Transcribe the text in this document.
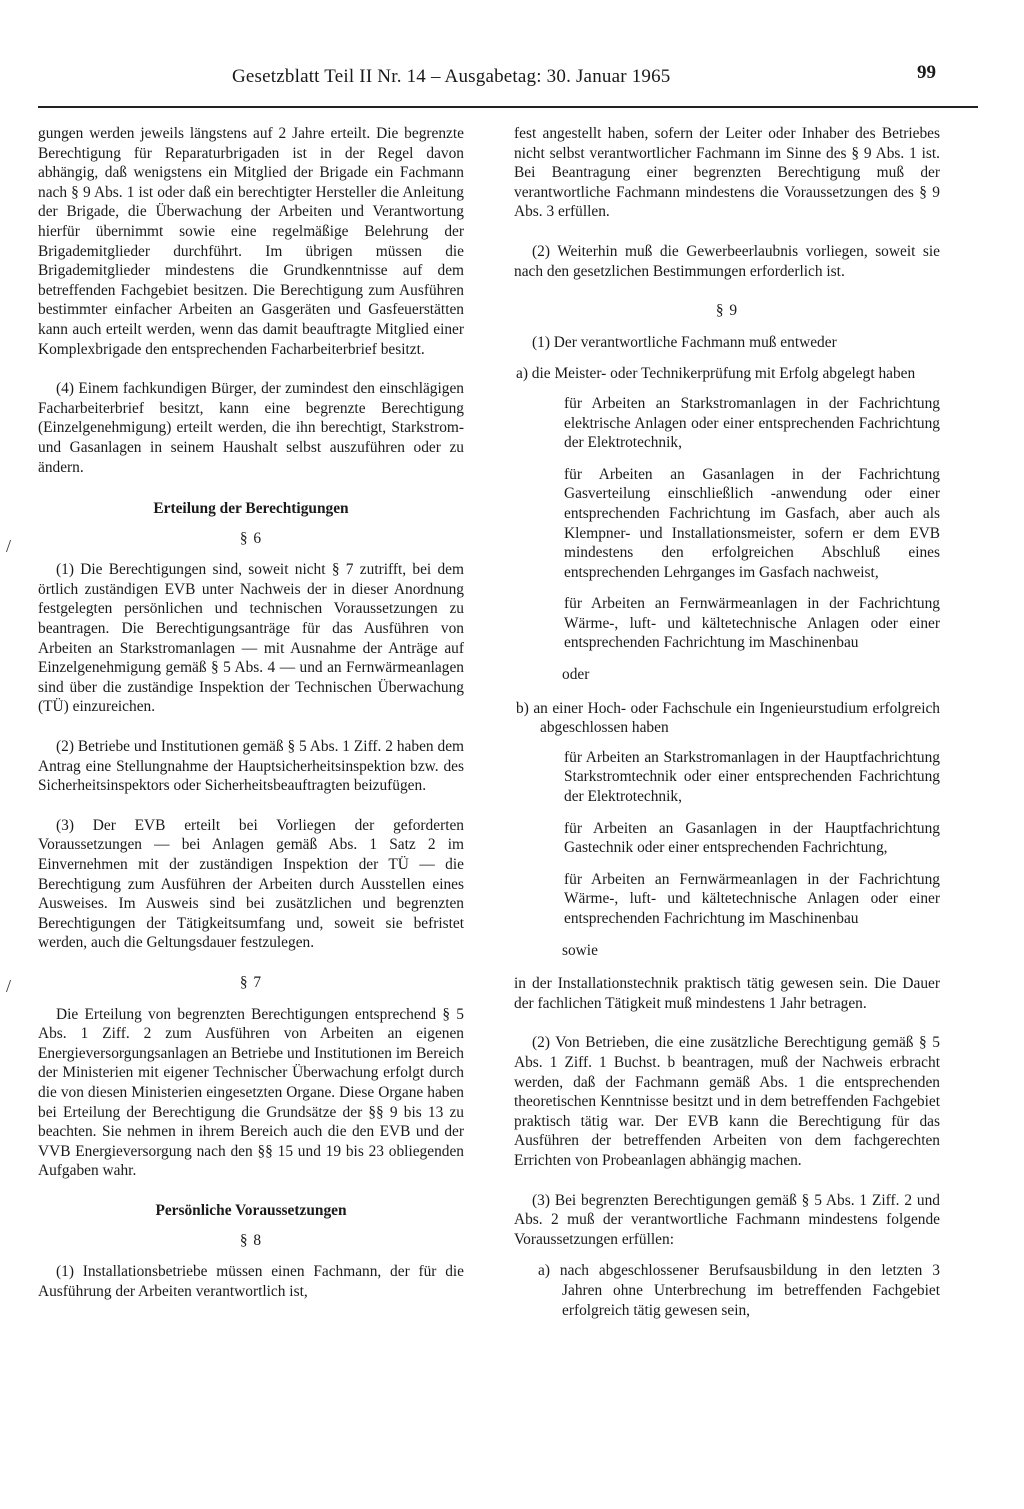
Gesetzblatt Teil II Nr. 14 – Ausgabetag: 30. Januar 1965	99
/
/

gungen werden jeweils längstens auf 2 Jahre erteilt. Die begrenzte Berechtigung für Reparaturbrigaden ist in der Regel davon abhängig, daß wenigstens ein Mitglied der Brigade ein Fachmann nach § 9 Abs. 1 ist oder daß ein berechtigter Hersteller die Anleitung der Brigade, die Überwachung der Arbeiten und Verantwortung hierfür übernimmt sowie eine regelmäßige Belehrung der Brigademitglieder durchführt. Im übrigen müssen die Brigademitglieder mindestens die Grundkenntnisse auf dem betreffenden Fachgebiet besitzen. Die Berechtigung zum Ausführen bestimmter einfacher Arbeiten an Gasgeräten und Gasfeuerstätten kann auch erteilt werden, wenn das damit beauftragte Mitglied einer Komplexbrigade den entsprechenden Facharbeiterbrief besitzt.

(4) Einem fachkundigen Bürger, der zumindest den einschlägigen Facharbeiterbrief besitzt, kann eine begrenzte Berechtigung (Einzelgenehmigung) erteilt werden, die ihn berechtigt, Starkstrom- und Gasanlagen in seinem Haushalt selbst auszuführen oder zu ändern.

Erteilung der Berechtigungen
§ 6

(1) Die Berechtigungen sind, soweit nicht § 7 zutrifft, bei dem örtlich zuständigen EVB unter Nachweis der in dieser Anordnung festgelegten persönlichen und technischen Voraussetzungen zu beantragen. Die Berechtigungsanträge für das Ausführen von Arbeiten an Starkstromanlagen — mit Ausnahme der Anträge auf Einzelgenehmigung gemäß § 5 Abs. 4 — und an Fernwärmeanlagen sind über die zuständige Inspektion der Technischen Überwachung (TÜ) einzureichen.

(2) Betriebe und Institutionen gemäß § 5 Abs. 1 Ziff. 2 haben dem Antrag eine Stellungnahme der Hauptsicherheitsinspektion bzw. des Sicherheitsinspektors oder Sicherheitsbeauftragten beizufügen.

(3) Der EVB erteilt bei Vorliegen der geforderten Voraussetzungen — bei Anlagen gemäß Abs. 1 Satz 2 im Einvernehmen mit der zuständigen Inspektion der TÜ — die Berechtigung zum Ausführen der Arbeiten durch Ausstellen eines Ausweises. Im Ausweis sind bei zusätzlichen und begrenzten Berechtigungen der Tätigkeitsumfang und, soweit sie befristet werden, auch die Geltungsdauer festzulegen.

§ 7

Die Erteilung von begrenzten Berechtigungen entsprechend § 5 Abs. 1 Ziff. 2 zum Ausführen von Arbeiten an eigenen Energieversorgungsanlagen an Betriebe und Institutionen im Bereich der Ministerien mit eigener Technischer Überwachung erfolgt durch die von diesen Ministerien eingesetzten Organe. Diese Organe haben bei Erteilung der Berechtigung die Grundsätze der §§ 9 bis 13 zu beachten. Sie nehmen in ihrem Bereich auch die den EVB und der VVB Energieversorgung nach den §§ 15 und 19 bis 23 obliegenden Aufgaben wahr.

Persönliche Voraussetzungen
§ 8

(1) Installationsbetriebe müssen einen Fachmann, der für die Ausführung der Arbeiten verantwortlich ist,

fest angestellt haben, sofern der Leiter oder Inhaber des Betriebes nicht selbst verantwortlicher Fachmann im Sinne des § 9 Abs. 1 ist. Bei Beantragung einer begrenzten Berechtigung muß der verantwortliche Fachmann mindestens die Voraussetzungen des § 9 Abs. 3 erfüllen.

(2) Weiterhin muß die Gewerbeerlaubnis vorliegen, soweit sie nach den gesetzlichen Bestimmungen erforderlich ist.

§ 9

(1) Der verantwortliche Fachmann muß entweder

a) die Meister- oder Technikerprüfung mit Erfolg abgelegt haben

für Arbeiten an Starkstromanlagen in der Fachrichtung elektrische Anlagen oder einer entsprechenden Fachrichtung der Elektrotechnik,

für Arbeiten an Gasanlagen in der Fachrichtung Gasverteilung einschließlich -anwendung oder einer entsprechenden Fachrichtung im Gasfach, aber auch als Klempner- und Installationsmeister, sofern er dem EVB mindestens den erfolgreichen Abschluß eines entsprechenden Lehrganges im Gasfach nachweist,

für Arbeiten an Fernwärmeanlagen in der Fachrichtung Wärme-, luft- und kältetechnische Anlagen oder einer entsprechenden Fachrichtung im Maschinenbau

oder

b) an einer Hoch- oder Fachschule ein Ingenieurstudium erfolgreich abgeschlossen haben

für Arbeiten an Starkstromanlagen in der Hauptfachrichtung Starkstromtechnik oder einer entsprechenden Fachrichtung der Elektrotechnik,

für Arbeiten an Gasanlagen in der Hauptfachrichtung Gastechnik oder einer entsprechenden Fachrichtung,

für Arbeiten an Fernwärmeanlagen in der Fachrichtung Wärme-, luft- und kältetechnische Anlagen oder einer entsprechenden Fachrichtung im Maschinenbau

sowie

in der Installationstechnik praktisch tätig gewesen sein. Die Dauer der fachlichen Tätigkeit muß mindestens 1 Jahr betragen.

(2) Von Betrieben, die eine zusätzliche Berechtigung gemäß § 5 Abs. 1 Ziff. 1 Buchst. b beantragen, muß der Nachweis erbracht werden, daß der Fachmann gemäß Abs. 1 die entsprechenden theoretischen Kenntnisse besitzt und in dem betreffenden Fachgebiet praktisch tätig war. Der EVB kann die Berechtigung für das Ausführen der betreffenden Arbeiten von dem fachgerechten Errichten von Probeanlagen abhängig machen.

(3) Bei begrenzten Berechtigungen gemäß § 5 Abs. 1 Ziff. 2 und Abs. 2 muß der verantwortliche Fachmann mindestens folgende Voraussetzungen erfüllen:

a) nach abgeschlossener Berufsausbildung in den letzten 3 Jahren ohne Unterbrechung im betreffenden Fachgebiet erfolgreich tätig gewesen sein,
